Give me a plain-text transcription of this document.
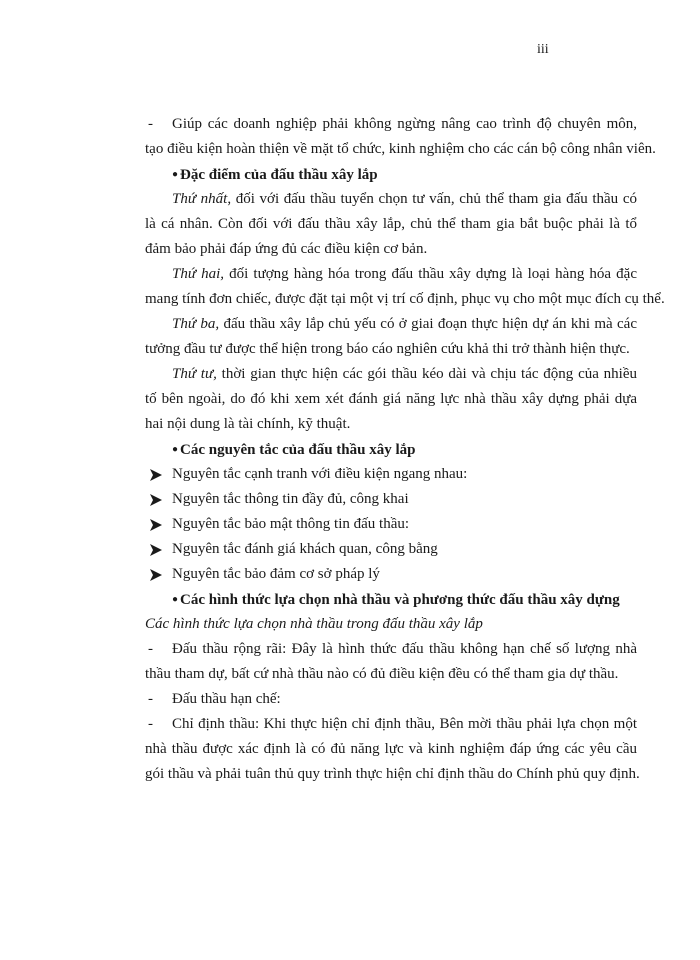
iii
-	Giúp các doanh nghiệp phải không ngừng nâng cao trình độ chuyên môn,
tạo điều kiện hoàn thiện về mặt tổ chức, kinh nghiệm cho các cán bộ công nhân viên.
● Đặc điểm của đấu thầu xây lắp
Thứ nhất, đối với đấu thầu tuyển chọn tư vấn, chủ thể tham gia đấu thầu có
là cá nhân. Còn đối với đấu thầu xây lắp, chủ thể tham gia bắt buộc phải là tổ
đảm bảo phải đáp ứng đủ các điều kiện cơ bản.
Thứ hai, đối tượng hàng hóa trong đấu thầu xây dựng là loại hàng hóa đặc
mang tính đơn chiếc, được đặt tại một vị trí cố định, phục vụ cho một mục đích cụ thể.
Thứ ba, đấu thầu xây lắp chủ yếu có ở giai đoạn thực hiện dự án khi mà các
tưởng đầu tư được thể hiện trong báo cáo nghiên cứu khả thi trở thành hiện thực.
Thứ tư, thời gian thực hiện các gói thầu kéo dài và chịu tác động của nhiều
tố bên ngoài, do đó khi xem xét đánh giá năng lực nhà thầu xây dựng phải dựa
hai nội dung là tài chính, kỹ thuật.
● Các nguyên tắc của đấu thầu xây lắp
Nguyên tắc cạnh tranh với điều kiện ngang nhau:
Nguyên tắc thông tin đầy đủ, công khai
Nguyên tắc bảo mật thông tin đấu thầu:
Nguyên tắc đánh giá khách quan, công bằng
Nguyên tắc bảo đảm cơ sở pháp lý
● Các hình thức lựa chọn nhà thầu và phương thức đấu thầu xây dựng
Các hình thức lựa chọn nhà thầu trong đấu thầu xây lắp
-	Đấu thầu rộng rãi: Đây là hình thức đấu thầu không hạn chế số lượng nhà
thầu tham dự, bất cứ nhà thầu nào có đủ điều kiện đều có thể tham gia dự thầu.
-	Đấu thầu hạn chế:
-	Chỉ định thầu: Khi thực hiện chỉ định thầu, Bên mời thầu phải lựa chọn một
nhà thầu được xác định là có đủ năng lực và kinh nghiệm đáp ứng các yêu cầu
gói thầu và phải tuân thủ quy trình thực hiện chỉ định thầu do Chính phủ quy định.
